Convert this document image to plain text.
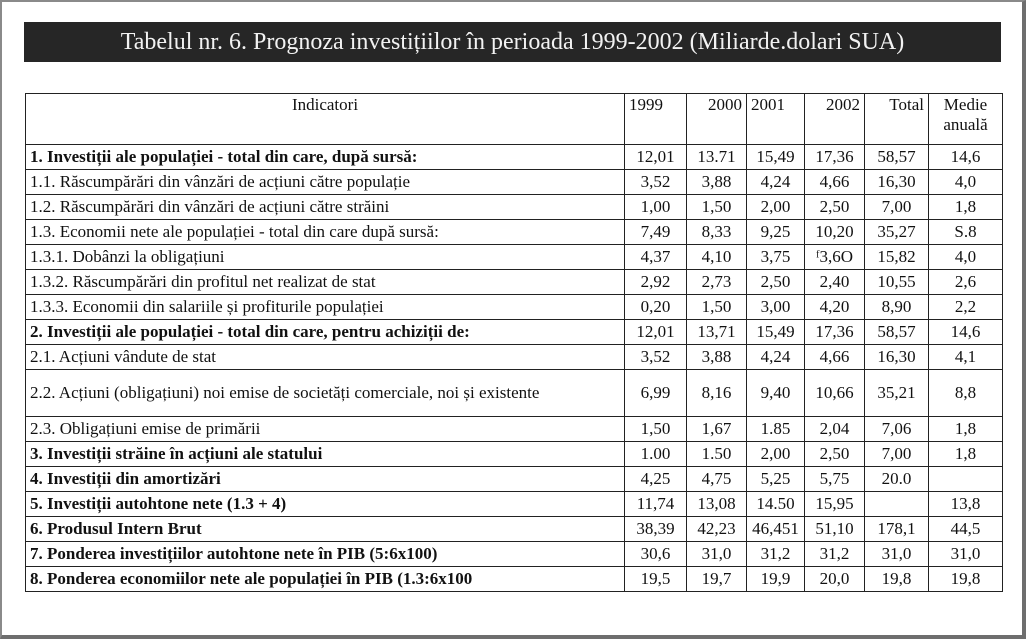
Tabelul nr. 6. Prognoza investițiilor în perioada 1999-2002 (Miliarde.dolari SUA)
Indicatori	1999	2000	2001	2002	Total	Medie anuală
1. Investiții ale populației - total din care, după sursă:	12,01	13.71	15,49	17,36	58,57	14,6
1.1. Răscumpărări din vânzări de acțiuni către populație	3,52	3,88	4,24	4,66	16,30	4,0
1.2. Răscumpărări din vânzări de acțiuni către străini	1,00	1,50	2,00	2,50	7,00	1,8
1.3. Economii nete ale populației - total din care după sursă:	7,49	8,33	9,25	10,20	35,27	S.8
1.3.1. Dobânzi la obligațiuni	4,37	4,10	3,75	ᶠ3,6O	15,82	4,0
1.3.2. Răscumpărări din profitul net realizat de stat	2,92	2,73	2,50	2,40	10,55	2,6
1.3.3. Economii din salariile și profiturile populației	0,20	1,50	3,00	4,20	8,90	2,2
2. Investiții ale populației - total din care, pentru achiziții de:	12,01	13,71	15,49	17,36	58,57	14,6
2.1. Acțiuni vândute de stat	3,52	3,88	4,24	4,66	16,30	4,1
2.2. Acțiuni (obligațiuni) noi emise de societăți comerciale, noi și existente	6,99	8,16	9,40	10,66	35,21	8,8
2.3. Obligațiuni emise de primării	1,50	1,67	1.85	2,04	7,06	1,8
3. Investiții străine în acțiuni ale statului	1.00	1.50	2,00	2,50	7,00	1,8
4. Investiții din amortizări	4,25	4,75	5,25	5,75	20.0	
5. Investiții autohtone nete (1.3 + 4)	11,74	13,08	14.50	15,95		13,8
6. Produsul Intern Brut	38,39	42,23	46,451	51,10	178,1	44,5
7. Ponderea investițiilor autohtone nete în PIB (5:6x100)	30,6	31,0	31,2	31,2	31,0	31,0
8. Ponderea economiilor nete ale populației în PIB (1.3:6x100	19,5	19,7	19,9	20,0	19,8	19,8
